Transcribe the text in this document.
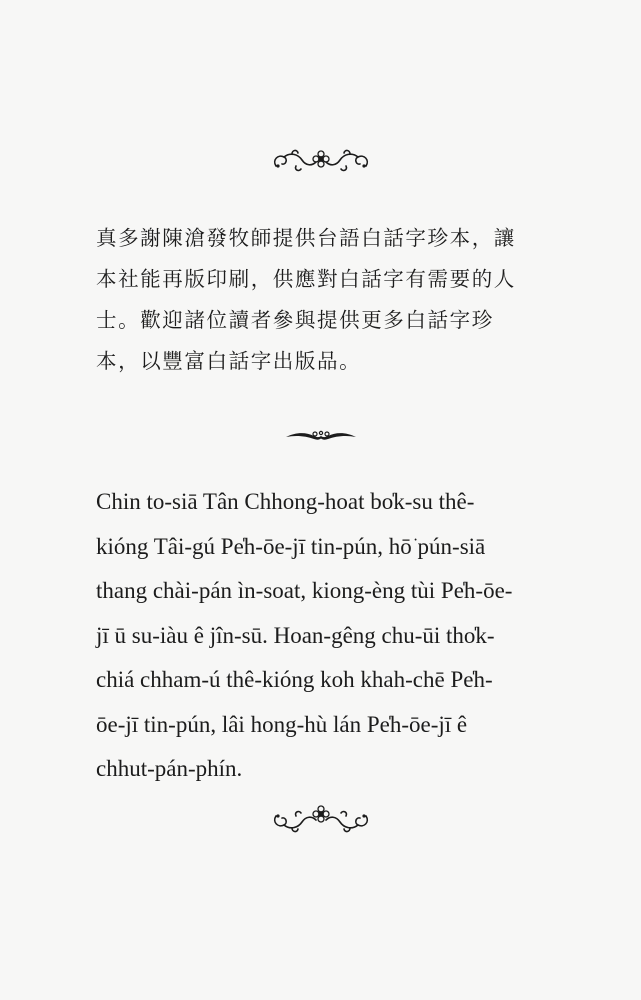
真多謝陳滄發牧師提供台語白話字珍本，讓
本社能再版印刷，供應對白話字有需要的人
士。歡迎諸位讀者參與提供更多白話字珍
本，以豐富白話字出版品。

Chin to-siā Tân Chhong-hoat bo̍k-su thê-
kióng Tâi-gú Pe̍h-ōe-jī tin-pún, hō͘ pún-siā
thang chài-pán ìn-soat, kiong-èng tùi Pe̍h-ōe-
jī ū su-iàu ê jîn-sū. Hoan-gêng chu-ūi tho̍k-
chiá chham-ú thê-kióng koh khah-chē Pe̍h-
ōe-jī tin-pún, lâi hong-hù lán Pe̍h-ōe-jī ê
chhut-pán-phín.
